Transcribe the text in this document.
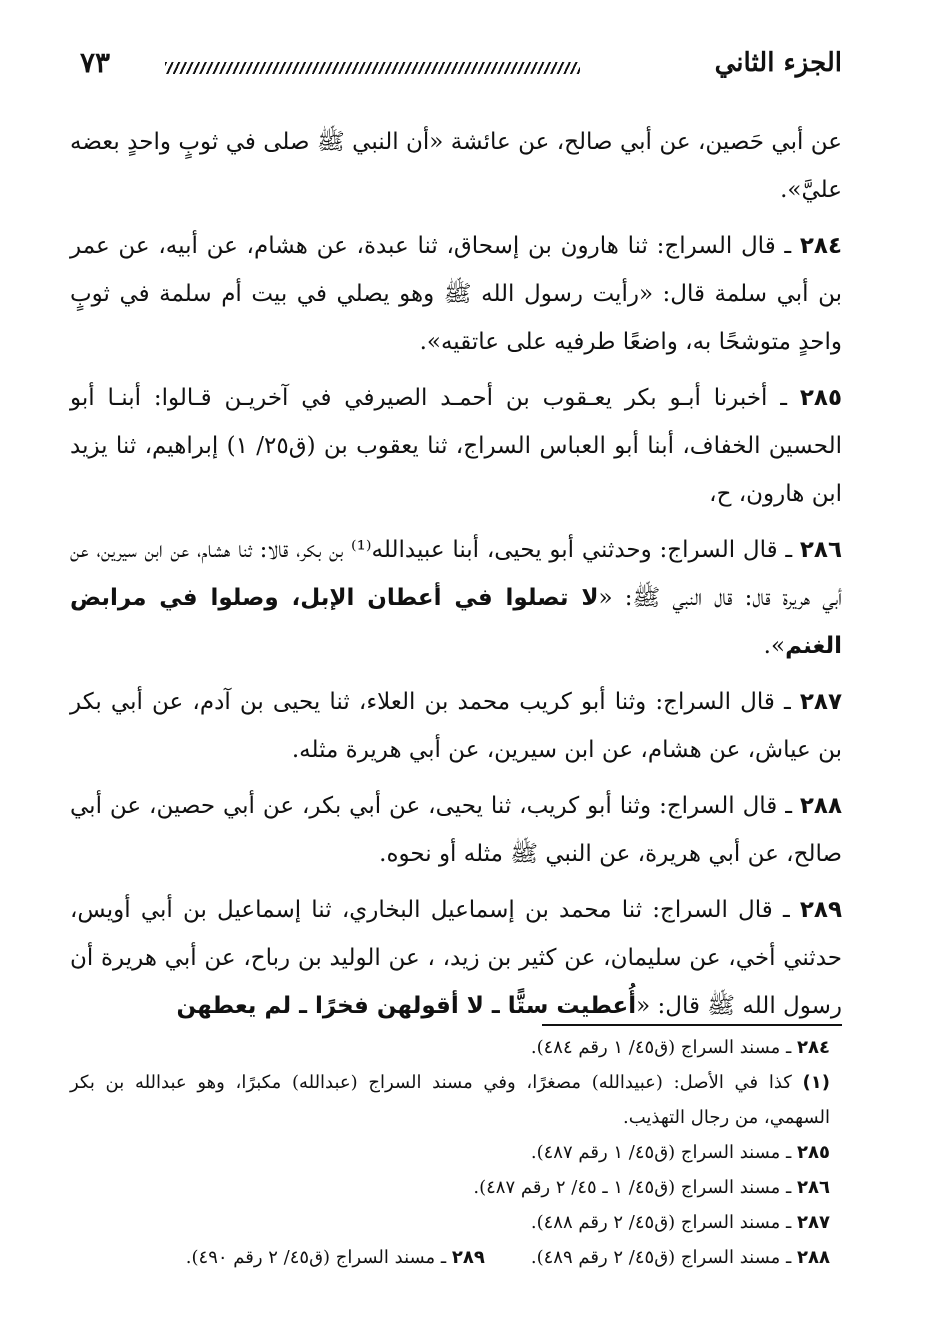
الجزء الثاني
٧٣

عن أبي حَصين، عن أبي صالح، عن عائشة «أن النبي ﷺ صلى في ثوبٍ واحدٍ بعضه عليَّ».

٢٨٤ ـ قال السراج: ثنا هارون بن إسحاق، ثنا عبدة، عن هشام، عن أبيه، عن عمر بن أبي سلمة قال: «رأيت رسول الله ﷺ وهو يصلي في بيت أم سلمة في ثوبٍ واحدٍ متوشحًا به، واضعًا طرفيه على عاتقيه».

٢٨٥ ـ أخبرنا أبـو بكر يعـقوب بن أحمـد الصيرفي في آخريـن قـالوا: أبنـا أبو الحسين الخفاف، أبنا أبو العباس السراج، ثنا يعقوب بن (ق٢٥/ ١) إبراهيم، ثنا يزيد ابن هارون، ح،

٢٨٦ ـ قال السراج: وحدثني أبو يحيى، أبنا عبيدالله⁽¹⁾ بن بكر، قالا: ثنا هشام، عن ابن سيرين، عن أبي هريرة قال: قال النبي ﷺ: «لا تصلوا في أعطان الإبل، وصلوا في مرابض الغنم».

٢٨٧ ـ قال السراج: وثنا أبو كريب محمد بن العلاء، ثنا يحيى بن آدم، عن أبي بكر بن عياش، عن هشام، عن ابن سيرين، عن أبي هريرة مثله.

٢٨٨ ـ قال السراج: وثنا أبو كريب، ثنا يحيى، عن أبي بكر، عن أبي حصين، عن أبي صالح، عن أبي هريرة، عن النبي ﷺ مثله أو نحوه.

٢٨٩ ـ قال السراج: ثنا محمد بن إسماعيل البخاري، ثنا إسماعيل بن أبي أويس، حدثني أخي، عن سليمان، عن كثير بن زيد، ، عن الوليد بن رباح، عن أبي هريرة أن رسول الله ﷺ قال: «أُعطيت ستًّا ـ لا أقولهن فخرًا ـ لم يعطهن

٢٨٤ ـ مسند السراج (ق٤٥/ ١ رقم ٤٨٤).

(١) كذا في الأصل: (عبيدالله) مصغرًا، وفي مسند السراج (عبدالله) مكبرًا، وهو عبدالله بن بكر السهمي، من رجال التهذيب.

٢٨٥ ـ مسند السراج (ق٤٥/ ١ رقم ٤٨٧).

٢٨٦ ـ مسند السراج (ق٤٥/ ١ ـ ٤٥/ ٢ رقم ٤٨٧).

٢٨٧ ـ مسند السراج (ق٤٥/ ٢ رقم ٤٨٨).

٢٨٨ ـ مسند السراج (ق٤٥/ ٢ رقم ٤٨٩).
٢٨٩ ـ مسند السراج (ق٤٥/ ٢ رقم ٤٩٠).
